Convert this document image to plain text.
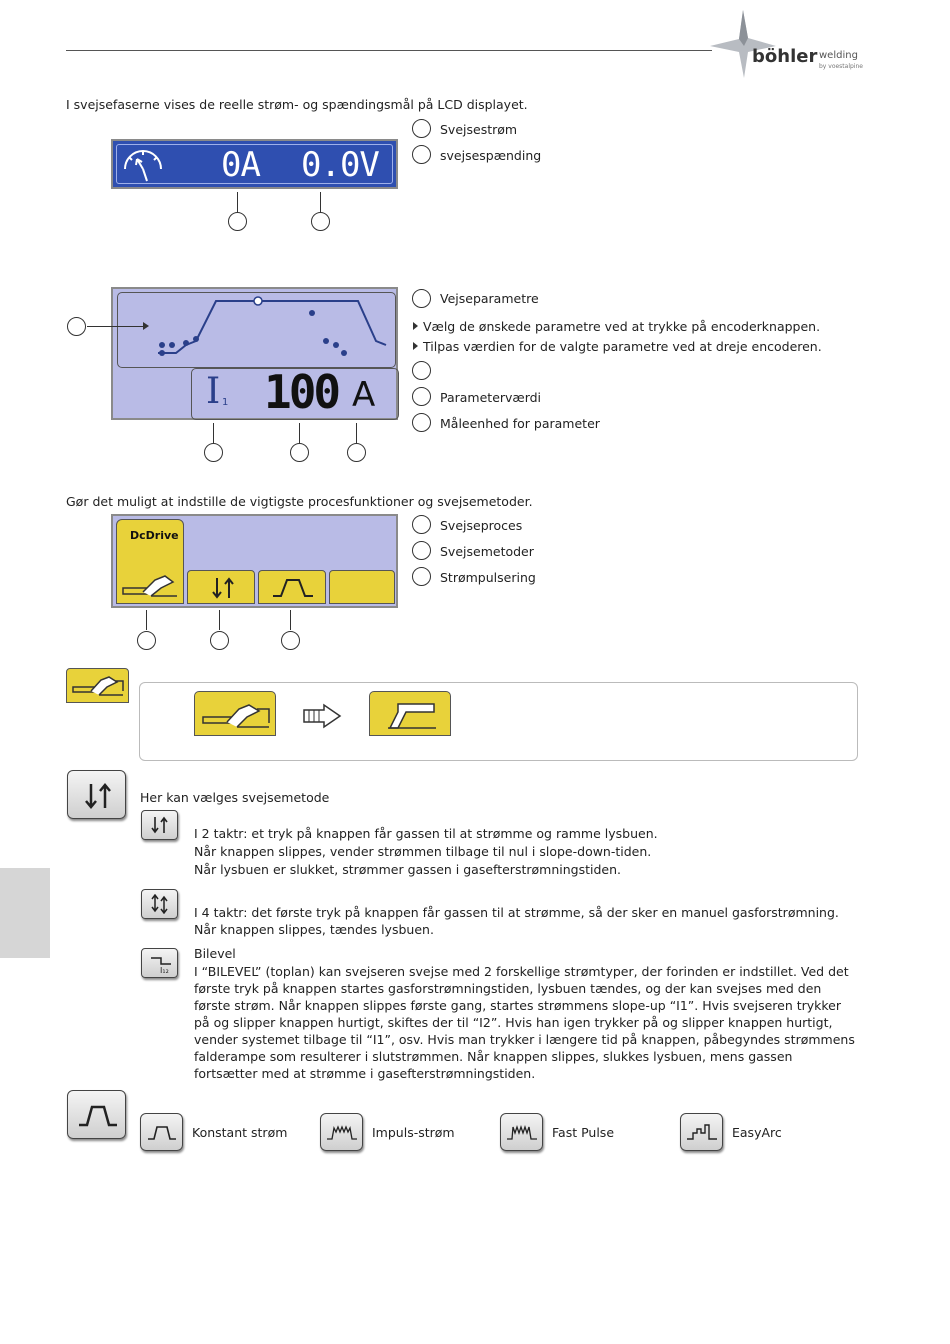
böhler welding
by voestalpine
I svejsefaserne vises de reelle strøm- og spændingsmål på LCD displayet.
0A 0.0V
Svejsestrøm
svejsespænding
I 1 100 A
Vejseparametre
Vælg de ønskede parametre ved at trykke på encoderknappen.
Tilpas værdien for de valgte parametre ved at dreje encoderen.
Parameterværdi
Måleenhed for parameter
Gør det muligt at indstille de vigtigste procesfunktioner og svejsemetoder.
DcDrive
Svejseproces
Svejsemetoder
Strømpulsering
Her kan vælges svejsemetode
I 2 taktr: et tryk på knappen får gassen til at strømme og ramme lysbuen.
Når knappen slippes, vender strømmen tilbage til nul i slope-down-tiden.
Når lysbuen er slukket, strømmer gassen i gasefterstrømningstiden.
I 4 taktr: det første tryk på knappen får gassen til at strømme, så der sker en manuel gasforstrømning. Når knappen slippes, tændes lysbuen.
I₁₂
Bilevel
I “BILEVEL” (toplan) kan svejseren svejse med 2 forskellige strømtyper, der forinden er indstillet. Ved det første tryk på knappen startes gasforstrømningstiden, lysbuen tændes, og der kan svejses med den første strøm. Når knappen slippes første gang, startes strømmens slope-up “I1”. Hvis svejseren trykker på og slipper knappen hurtigt, skiftes der til “I2”. Hvis han igen trykker på og slipper knappen hurtigt, vender systemet tilbage til “I1”, osv. Hvis man trykker i længere tid på knappen, påbegyndes strømmens falderampe som resulterer i slutstrømmen. Når knappen slippes, slukkes lysbuen, mens gassen fortsætter med at strømme i gasefterstrømningstiden.
Konstant strøm	Impuls-strøm	Fast Pulse	EasyArc
